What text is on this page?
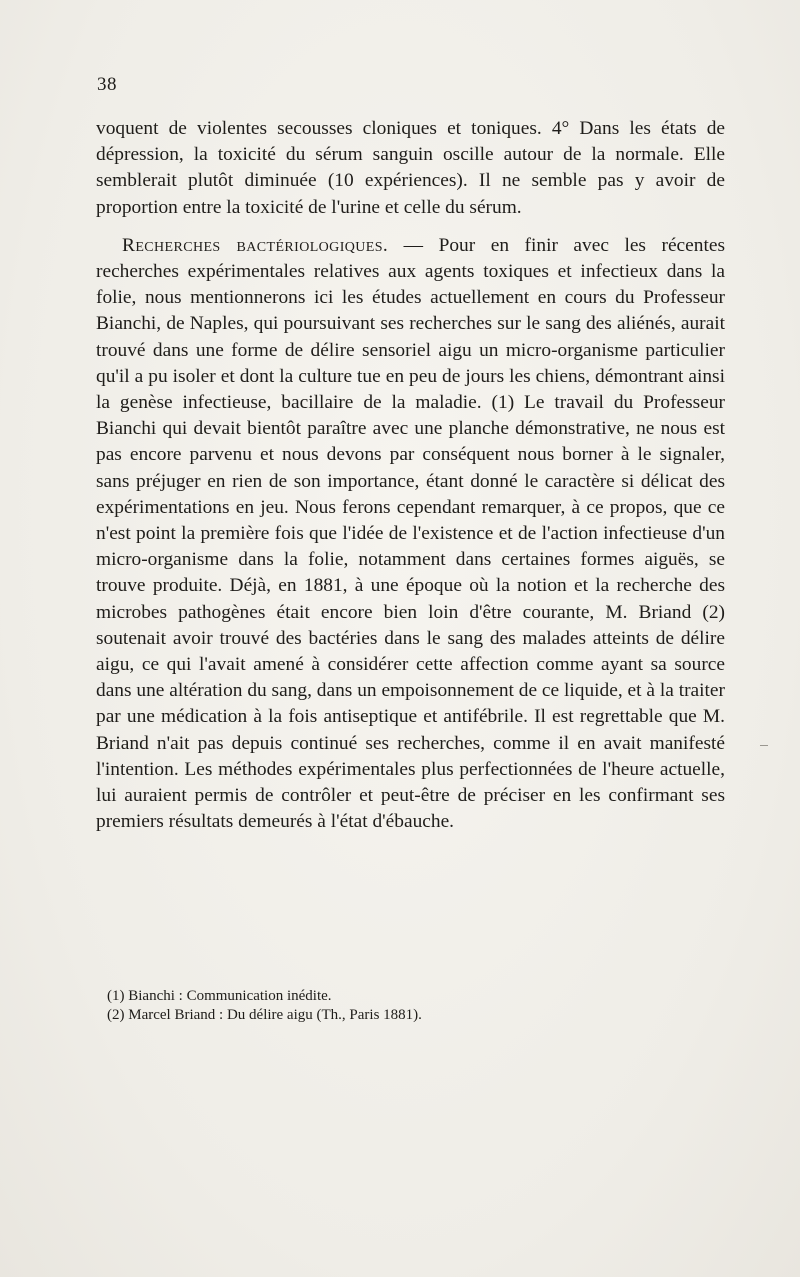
38

voquent de violentes secousses cloniques et toniques. 4° Dans les états de dépression, la toxicité du sérum sanguin oscille autour de la normale. Elle semblerait plutôt diminuée (10 expériences). Il ne semble pas y avoir de proportion entre la toxicité de l'urine et celle du sérum.

Recherches bactériologiques. — Pour en finir avec les récentes recherches expérimentales relatives aux agents toxiques et infectieux dans la folie, nous mentionnerons ici les études actuellement en cours du Professeur Bianchi, de Naples, qui poursuivant ses recherches sur le sang des aliénés, aurait trouvé dans une forme de délire sensoriel aigu un micro-organisme particulier qu'il a pu isoler et dont la culture tue en peu de jours les chiens, démontrant ainsi la genèse infectieuse, bacillaire de la maladie. (1) Le travail du Professeur Bianchi qui devait bientôt paraître avec une planche démonstrative, ne nous est pas encore parvenu et nous devons par conséquent nous borner à le signaler, sans préjuger en rien de son importance, étant donné le caractère si délicat des expérimentations en jeu. Nous ferons cependant remarquer, à ce propos, que ce n'est point la première fois que l'idée de l'existence et de l'action infectieuse d'un micro-organisme dans la folie, notamment dans certaines formes aiguës, se trouve produite. Déjà, en 1881, à une époque où la notion et la recherche des microbes pathogènes était encore bien loin d'être courante, M. Briand (2) soutenait avoir trouvé des bactéries dans le sang des malades atteints de délire aigu, ce qui l'avait amené à considérer cette affection comme ayant sa source dans une altération du sang, dans un empoisonnement de ce liquide, et à la traiter par une médication à la fois antiseptique et antifébrile. Il est regrettable que M. Briand n'ait pas depuis continué ses recherches, comme il en avait manifesté l'intention. Les méthodes expérimentales plus perfectionnées de l'heure actuelle, lui auraient permis de contrôler et peut-être de préciser en les confirmant ses premiers résultats demeurés à l'état d'ébauche.

(1) Bianchi : Communication inédite.
(2) Marcel Briand : Du délire aigu (Th., Paris 1881).
